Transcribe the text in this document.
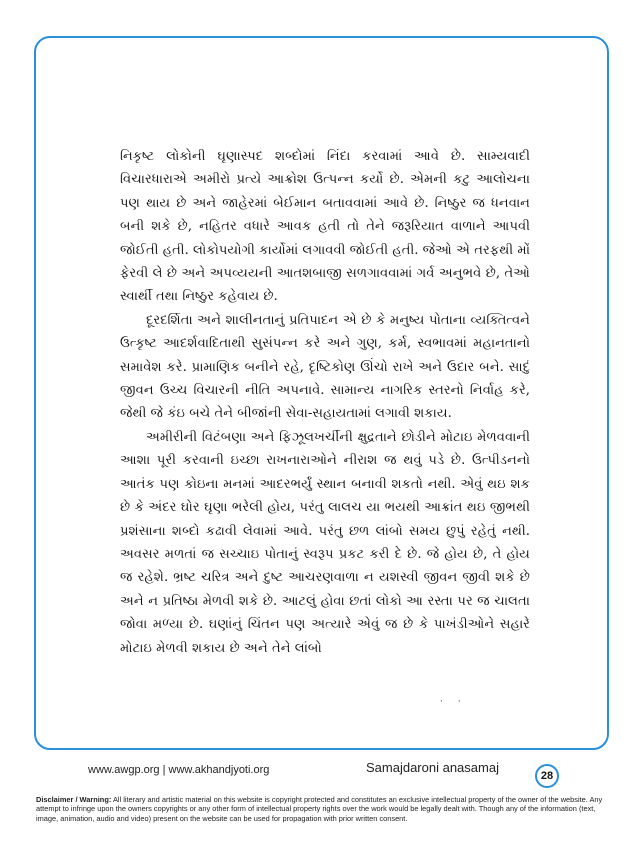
નિકૃષ્ટ લોકોની ઘૃણાસ્પદ શબ્દોમાં નિંદા કરવામાં આવે છે. સામ્યવાદી વિચારધારાએ અમીરો પ્રત્યે આક્રોશ ઉત્પન્ન કર્યો છે. એમની કટુ આલોચના પણ થાય છે અને જાહેરમાં બેઈમાન બતાવવામાં આવે છે. નિષ્ઠુર જ ધનવાન બની શકે છે, નહિતર વધારે આવક હતી તો તેને જરૂરિયાત વાળાને આપવી જોઈતી હતી. લોકોપયોગી કાર્યોમાં લગાવવી જોઈતી હતી. જેઓ એ તરફથી મોં ફેરવી લે છે અને અપવ્યયની આતશબાજી સળગાવવામાં ગર્વ અનુભવે છે, તેઓ સ્વાર્થી તથા નિષ્ઠુર કહેવાય છે.

દૂરદર્શિતા અને શાલીનતાનું પ્રતિપાદન એ છે કે મનુષ્ય પોતાના વ્યક્તિત્વને ઉત્કૃષ્ટ આદર્શવાદિતાથી સુસંપન્ન કરે અને ગુણ, કર્મ, સ્વભાવમાં મહાનતાનો સમાવેશ કરે. પ્રામાણિક બનીને રહે, દૃષ્ટિકોણ ઊંચો રાખે અને ઉદાર બને. સાદું જીવન ઉચ્ચ વિચારની નીતિ અપનાવે. સામાન્ય નાગરિક સ્તરનો નિર્વાહ કરે, જેથી જે કંઇ બચે તેને બીજાંની સેવા-સહાયતામાં લગાવી શકાય.

અમીરીની વિટંબણા અને ફિઝૂલખર્ચીની ક્ષુદ્રતાને છોડીને મોટાઇ મેળવવાની આશા પૂરી કરવાની ઇચ્છા રાખનારાઓને નીરાશ જ થવું પડે છે. ઉત્પીડનનો આતંક પણ કોઇના મનમાં આદરભર્યું સ્થાન બનાવી શકતો નથી. એવું થઇ શક છે કે અંદર ઘોર ઘૃણા ભરેલી હોય, પરંતુ લાલચ યા ભયથી આક્રાંત થઇ જીભથી પ્રશંસાના શબ્દો કઢાવી લેવામાં આવે. પરંતુ છળ લાંબો સમય છુપું રહેતું નથી. અવસર મળતાં જ સચ્ચાઇ પોતાનું સ્વરૂપ પ્રકટ કરી દે છે. જે હોય છે, તે હોય જ રહેશે. ભ્રષ્ટ ચરિત્ર અને દુષ્ટ આચરણવાળા ન યશસ્વી જીવન જીવી શકે છે અને ન પ્રતિષ્ઠા મેળવી શકે છે. આટલું હોવા છતાં લોકો આ રસ્તા પર જ ચાલતા જોવા મળ્યા છે. ઘણાંનું ચિંતન પણ અત્યારે એવું જ છે કે પાખંડીઓને સહારે મોટાઇ મેળવી શકાય છે અને તેને લાંબો

· ·
www.awgp.org | www.akhandjyoti.org	Samajdaroni anasamaj
28
Disclaimer / Warning: All literary and artistic material on this website is copyright protected and constitutes an exclusive intellectual property of the owner of the website. Any attempt to infringe upon the owners copyrights or any other form of intellectual property rights over the work would be legally dealt with. Though any of the information (text, image, animation, audio and video) present on the website can be used for propagation with prior written consent.
